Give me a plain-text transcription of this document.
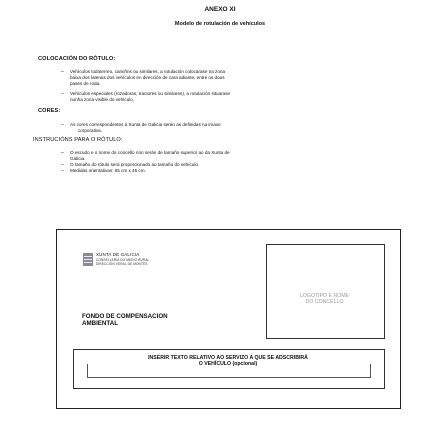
ANEXO XI
Modelo de rotulación de vehículos
COLOCACIÓN DO RÓTULO:
– Vehículos todoterreo, camiñns ou similares, a rotulación colocarase na zona
baixa dos laterais dos vehículos en dirección de cara adiante, entre os dous
pases de roda.
– Vehículos especiales (rozadoras, tractores ou similares), a rotulación situarase
nunha zona visible do vehículo.
CORES:
– As cores correspondentes á Xunta de Galicia serán as definidas na imaxe
corporativa.
INSTRUCIÓNS PARA O RÓTULO:
– O escudo e o nome do concello non serán de tamaño superior ao da Xunta de
Galicia.
– O tamaño do rótulo será proporcionado ao tamaño do vehículo.
– Medidas orientativas: 65 cm x 45 cm.
XUNTA DE GALICIA
CONSELLERÍA DO MEDIO RURAL
DIRECCIÓN XERAL DE MONTES
FONDO DE COMPENSACION
AMBIENTAL
LOGOTIPO E NOME
DO CONCELLO
INSERIR TEXTO RELATIVO AO SERVIZO A QUE SE ADSCRIBIRÁ
O VEHÍCULO (opcional)
